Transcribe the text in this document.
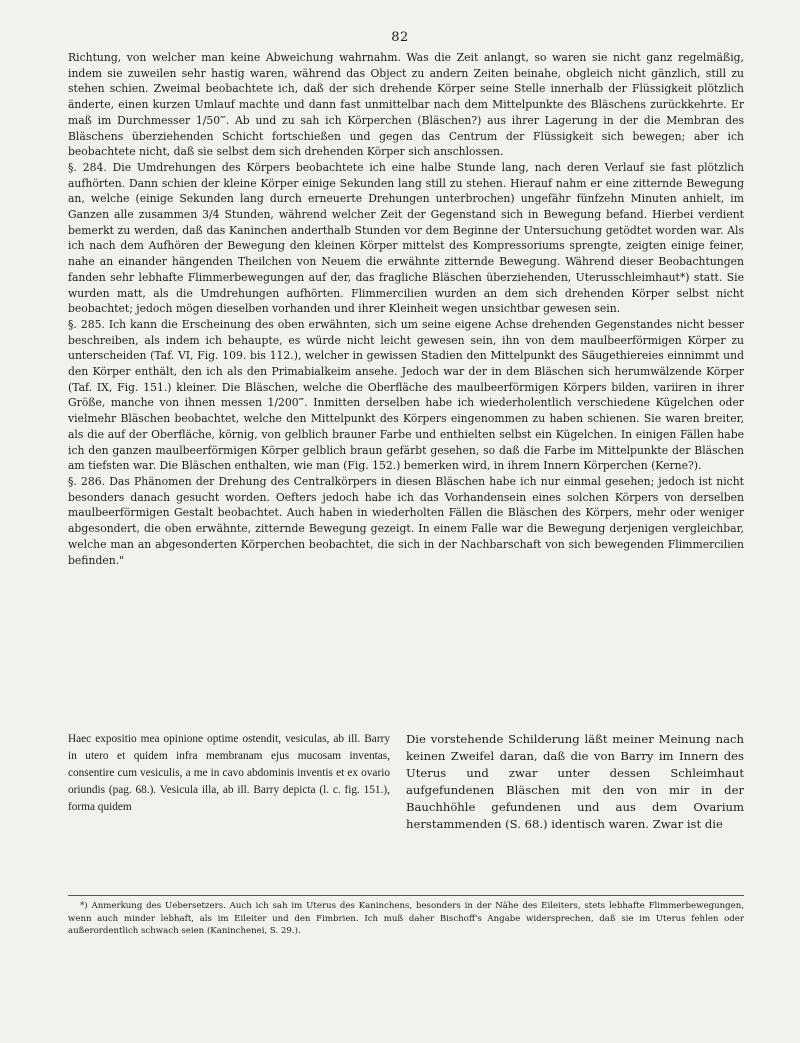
82

Richtung, von welcher man keine Abweichung wahrnahm. Was die Zeit anlangt, so waren sie nicht ganz regelmäßig, indem sie zuweilen sehr hastig waren, während das Object zu andern Zeiten beinahe, obgleich nicht gänzlich, still zu stehen schien. Zweimal beobachtete ich, daß der sich drehende Körper seine Stelle innerhalb der Flüssigkeit plötzlich änderte, einen kurzen Umlauf machte und dann fast unmittelbar nach dem Mittelpunkte des Bläschens zurückkehrte. Er maß im Durchmesser 1/50‴. Ab und zu sah ich Körperchen (Bläschen?) aus ihrer Lagerung in der die Membran des Bläschens überziehenden Schicht fortschießen und gegen das Centrum der Flüssigkeit sich bewegen; aber ich beobachtete nicht, daß sie selbst dem sich drehenden Körper sich anschlossen.

§. 284. Die Umdrehungen des Körpers beobachtete ich eine halbe Stunde lang, nach deren Verlauf sie fast plötzlich aufhörten. Dann schien der kleine Körper einige Sekunden lang still zu stehen. Hierauf nahm er eine zitternde Bewegung an, welche (einige Sekunden lang durch erneuerte Drehungen unterbrochen) ungefähr fünfzehn Minuten anhielt, im Ganzen alle zusammen 3/4 Stunden, während welcher Zeit der Gegenstand sich in Bewegung befand. Hierbei verdient bemerkt zu werden, daß das Kaninchen anderthalb Stunden vor dem Beginne der Untersuchung getödtet worden war. Als ich nach dem Aufhören der Bewegung den kleinen Körper mittelst des Kompressoriums sprengte, zeigten einige feiner, nahe an einander hängenden Theilchen von Neuem die erwähnte zitternde Bewegung. Während dieser Beobachtungen fanden sehr lebhafte Flimmerbewegungen auf der, das fragliche Bläschen überziehenden, Uterusschleimhaut*) statt. Sie wurden matt, als die Umdrehungen aufhörten. Flimmercilien wurden an dem sich drehenden Körper selbst nicht beobachtet; jedoch mögen dieselben vorhanden und ihrer Kleinheit wegen unsichtbar gewesen sein.

§. 285. Ich kann die Erscheinung des oben erwähnten, sich um seine eigene Achse drehenden Gegenstandes nicht besser beschreiben, als indem ich behaupte, es würde nicht leicht gewesen sein, ihn von dem maulbeerförmigen Körper zu unterscheiden (Taf. VI, Fig. 109. bis 112.), welcher in gewissen Stadien den Mittelpunkt des Säugethiereies einnimmt und den Körper enthält, den ich als den Primabialkeim ansehe. Jedoch war der in dem Bläschen sich herumwälzende Körper (Taf. IX, Fig. 151.) kleiner. Die Bläschen, welche die Oberfläche des maulbeerförmigen Körpers bilden, variiren in ihrer Größe, manche von ihnen messen 1/200‴. Inmitten derselben habe ich wiederholentlich verschiedene Kügelchen oder vielmehr Bläschen beobachtet, welche den Mittelpunkt des Körpers eingenommen zu haben schienen. Sie waren breiter, als die auf der Oberfläche, körnig, von gelblich brauner Farbe und enthielten selbst ein Kügelchen. In einigen Fällen habe ich den ganzen maulbeerförmigen Körper gelblich braun gefärbt gesehen, so daß die Farbe im Mittelpunkte der Bläschen am tiefsten war. Die Bläschen enthalten, wie man (Fig. 152.) bemerken wird, in ihrem Innern Körperchen (Kerne?).

§. 286. Das Phänomen der Drehung des Centralkörpers in diesen Bläschen habe ich nur einmal gesehen; jedoch ist nicht besonders danach gesucht worden. Oefters jedoch habe ich das Vorhandensein eines solchen Körpers von derselben maulbeerförmigen Gestalt beobachtet. Auch haben in wiederholten Fällen die Bläschen des Körpers, mehr oder weniger abgesondert, die oben erwähnte, zitternde Bewegung gezeigt. In einem Falle war die Bewegung derjenigen vergleichbar, welche man an abgesonderten Körperchen beobachtet, die sich in der Nachbarschaft von sich bewegenden Flimmercilien befinden."

Haec expositio mea opinione optime ostendit, vesiculas, ab ill. Barry in utero et quidem infra membranam ejus mucosam inventas, consentire cum vesiculis, a me in cavo abdominis inventis et ex ovario oriundis (pag. 68.). Vesicula illa, ab ill. Barry depicta (l. c. fig. 151.), forma quidem

Die vorstehende Schilderung läßt meiner Meinung nach keinen Zweifel daran, daß die von Barry im Innern des Uterus und zwar unter dessen Schleimhaut aufgefundenen Bläschen mit den von mir in der Bauchhöhle gefundenen und aus dem Ovarium herstammenden (S. 68.) identisch waren. Zwar ist die

*) Anmerkung des Uebersetzers. Auch ich sah im Uterus des Kaninchens, besonders in der Nähe des Eileiters, stets lebhafte Flimmerbewegungen, wenn auch minder lebhaft, als im Eileiter und den Fimbrien. Ich muß daher Bischoff's Angabe widersprechen, daß sie im Uterus fehlen oder außerordentlich schwach seien (Kaninchenei, S. 29.).
